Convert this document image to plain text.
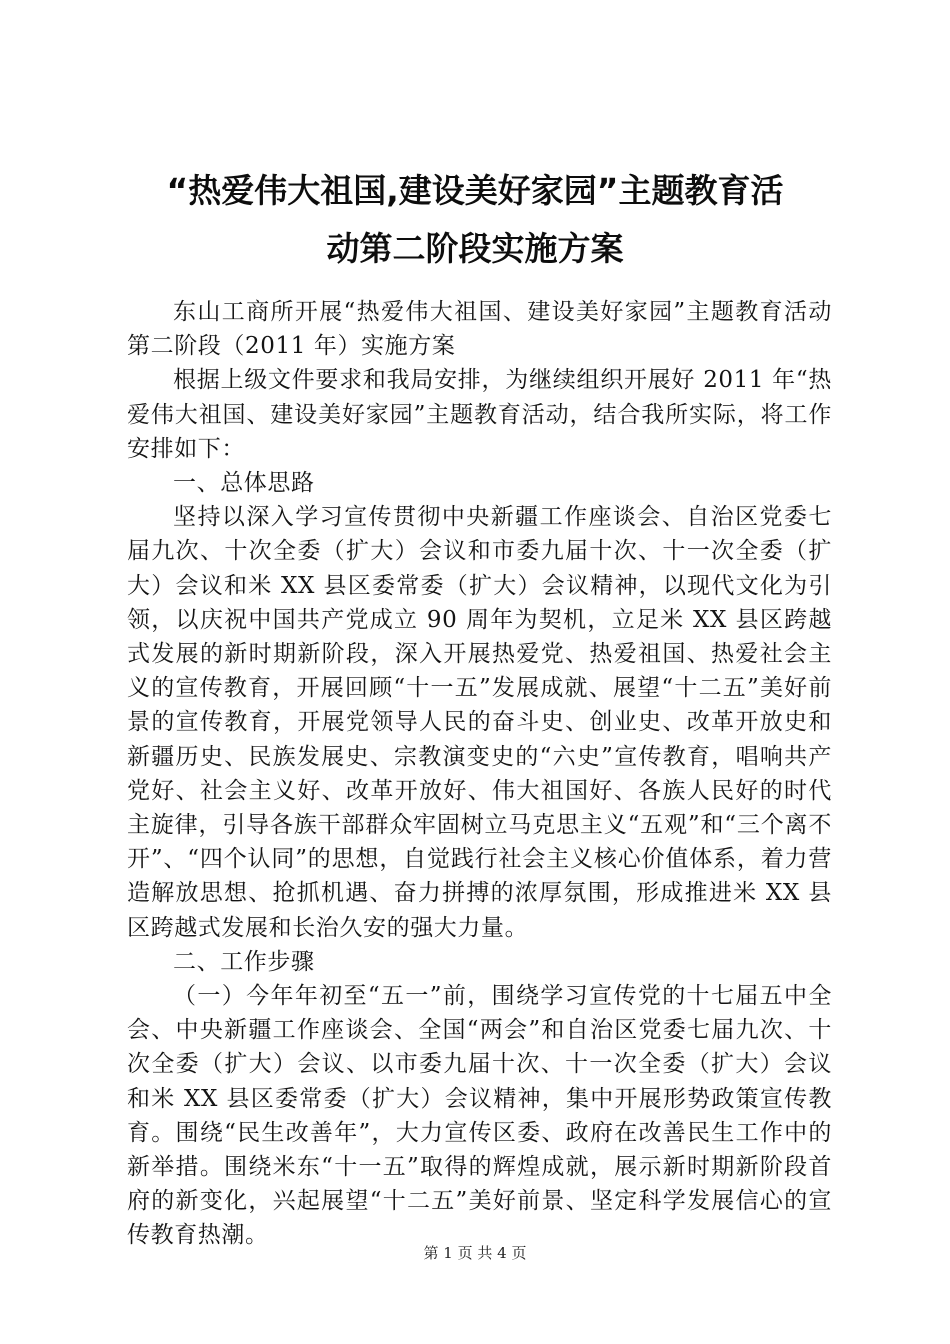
“热爱伟大祖国,建设美好家园”主题教育活
动第二阶段实施方案

东山工商所开展“热爱伟大祖国、建设美好家园”主题教育活动第二阶段（2011 年）实施方案

根据上级文件要求和我局安排，为继续组织开展好 2011 年“热爱伟大祖国、建设美好家园”主题教育活动，结合我所实际，将工作安排如下：

一、总体思路

坚持以深入学习宣传贯彻中央新疆工作座谈会、自治区党委七届九次、十次全委（扩大）会议和市委九届十次、十一次全委（扩大）会议和米 XX 县区委常委（扩大）会议精神，以现代文化为引领，以庆祝中国共产党成立 90 周年为契机，立足米 XX 县区跨越式发展的新时期新阶段，深入开展热爱党、热爱祖国、热爱社会主义的宣传教育，开展回顾“十一五”发展成就、展望“十二五”美好前景的宣传教育，开展党领导人民的奋斗史、创业史、改革开放史和新疆历史、民族发展史、宗教演变史的“六史”宣传教育，唱响共产党好、社会主义好、改革开放好、伟大祖国好、各族人民好的时代主旋律，引导各族干部群众牢固树立马克思主义“五观”和“三个离不开”、“四个认同”的思想，自觉践行社会主义核心价值体系，着力营造解放思想、抢抓机遇、奋力拼搏的浓厚氛围，形成推进米 XX 县区跨越式发展和长治久安的强大力量。

二、工作步骤

（一）今年年初至“五一”前，围绕学习宣传党的十七届五中全会、中央新疆工作座谈会、全国“两会”和自治区党委七届九次、十次全委（扩大）会议、以市委九届十次、十一次全委（扩大）会议和米 XX 县区委常委（扩大）会议精神，集中开展形势政策宣传教育。围绕“民生改善年”，大力宣传区委、政府在改善民生工作中的新举措。围绕米东“十一五”取得的辉煌成就，展示新时期新阶段首府的新变化，兴起展望“十二五”美好前景、坚定科学发展信心的宣传教育热潮。

第 1 页 共 4 页
